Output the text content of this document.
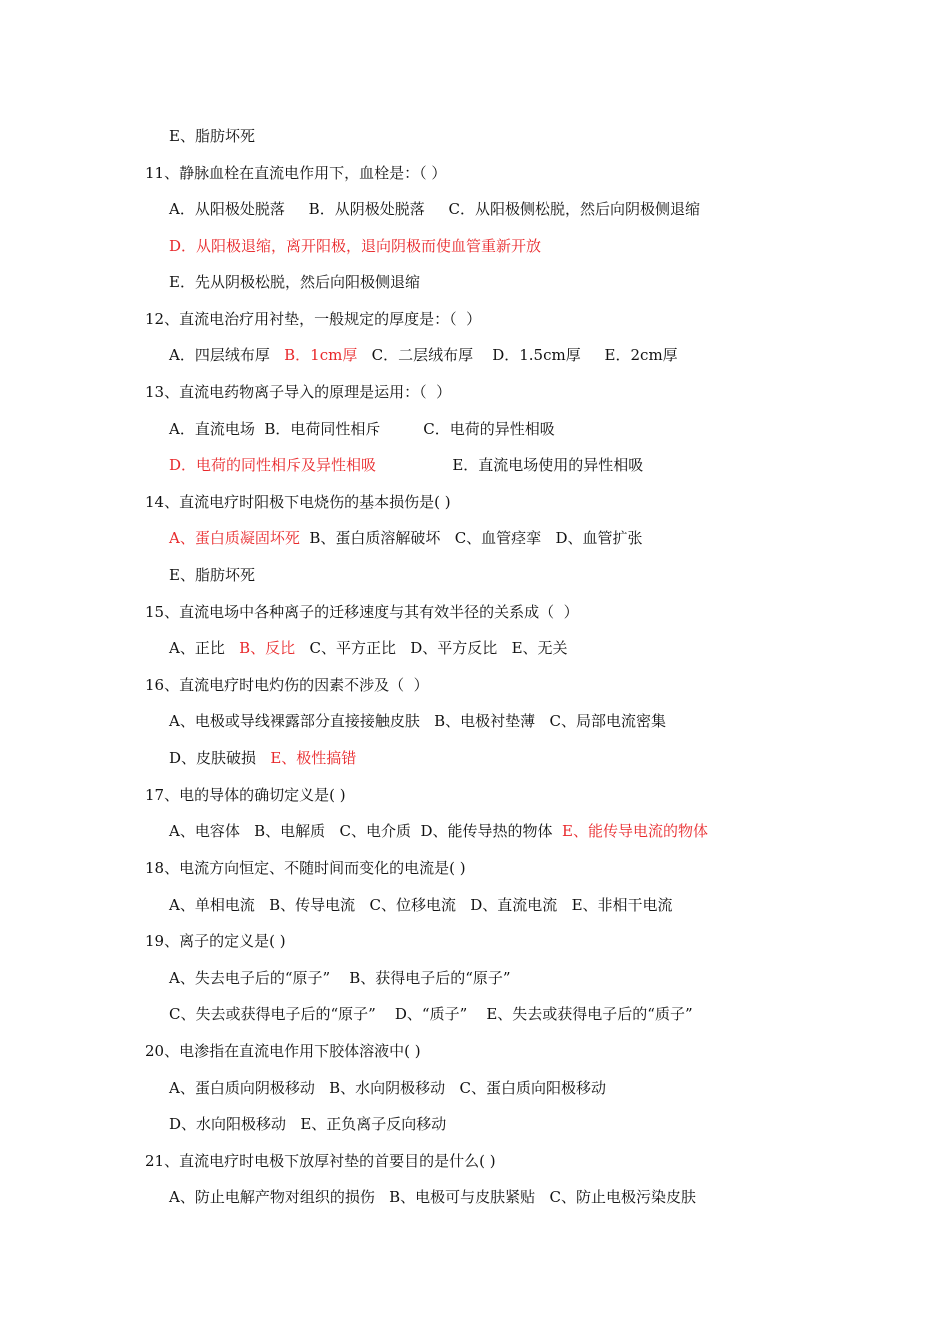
E、脂肪坏死
11、静脉血栓在直流电作用下，血栓是：（ ）
A．从阳极处脱落     B．从阴极处脱落     C．从阳极侧松脱，然后向阴极侧退缩
D．从阳极退缩，离开阳极，退向阴极而使血管重新开放
E．先从阴极松脱，然后向阳极侧退缩
12、直流电治疗用衬垫，一般规定的厚度是：（  ）
A．四层绒布厚   B．1cm厚   C．二层绒布厚    D．1.5cm厚     E．2cm厚
13、直流电药物离子导入的原理是运用：（  ）
A．直流电场  B．电荷同性相斥         C．电荷的异性相吸
D．电荷的同性相斥及异性相吸                E．直流电场使用的异性相吸
14、直流电疗时阳极下电烧伤的基本损伤是( )
A、蛋白质凝固坏死  B、蛋白质溶解破坏   C、血管痉挛   D、血管扩张
E、脂肪坏死
15、直流电场中各种离子的迁移速度与其有效半径的关系成（  ）
A、正比   B、反比   C、平方正比   D、平方反比   E、无关
16、直流电疗时电灼伤的因素不涉及（  ）
A、电极或导线裸露部分直接接触皮肤   B、电极衬垫薄   C、局部电流密集
D、皮肤破损   E、极性搞错
17、电的导体的确切定义是( )
A、电容体   B、电解质   C、电介质  D、能传导热的物体  E、能传导电流的物体
18、电流方向恒定、不随时间而变化的电流是( )
A、单相电流   B、传导电流   C、位移电流   D、直流电流   E、非相干电流
19、离子的定义是( )
A、失去电子后的“原子”    B、获得电子后的“原子”
C、失去或获得电子后的“原子”    D、“质子”    E、失去或获得电子后的“质子”
20、电渗指在直流电作用下胶体溶液中( )
A、蛋白质向阴极移动   B、水向阴极移动   C、蛋白质向阳极移动
D、水向阳极移动   E、正负离子反向移动
21、直流电疗时电极下放厚衬垫的首要目的是什么( )
A、防止电解产物对组织的损伤   B、电极可与皮肤紧贴   C、防止电极污染皮肤
